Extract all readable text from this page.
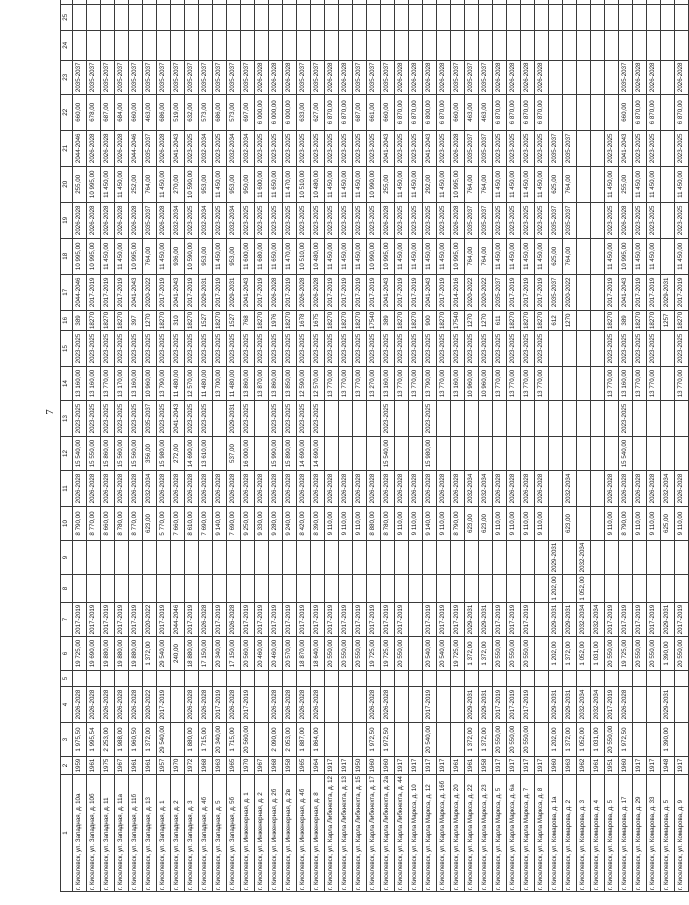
7
1	2	3	4	5	6	7	8	9	10	11	12	13	14	15	16	17	18	19	20	21	22	23	24	25	
г. Киселевск, ул. Западная, д. 10а	1959	1 975,50	2026-2028		19 725,00	2017-2019			8 790,00	2026-2028	15 540,00	2023-2025	13 160,00	2023-2025	389	2044-2046	10 995,00	2026-2028	255,00	2044-2046	660,00	2035-2037			
г. Киселевск, ул. Западная, д. 10б	1961	1 995,54	2026-2028		19 690,00	2017-2019			8 770,00	2026-2028	15 550,00	2023-2025	13 160,00	2023-2025	18270	2017-2019	10 995,00	2026-2028	10 995,00	2026-2028	678,00	2035-2037			
г. Киселевск, ул. Западная, д. 11	1975	2 253,00	2026-2028		19 880,00	2017-2019			8 660,00	2026-2028	15 860,00	2023-2025	13 770,00	2023-2025	18270	2017-2019	11 450,00	2026-2028	11 450,00	2026-2028	687,00	2035-2037			
г. Киселевск, ул. Западная, д. 11а	1967	1 988,00	2026-2028		19 880,00	2017-2019			8 780,00	2026-2028	15 560,00	2023-2025	13 170,00	2023-2025	18270	2017-2019	11 450,00	2026-2028	11 450,00	2026-2028	684,00	2035-2037			
г. Киселевск, ул. Западная, д. 11б	1961	1 960,50	2026-2028		19 880,00	2017-2019			8 770,00	2026-2028	15 560,00	2023-2025	13 160,00	2023-2025	397	2041-2043	10 995,00	2026-2028	252,00	2044-2046	660,00	2035-2037			
г. Киселевск, ул. Западная, д. 13	1961	1 372,00	2020-2022		1 372,00	2020-2022			623,00	2032-2034	356,00	2035-2037	10 960,00	2023-2025	1270	2020-2022	764,00	2035-2037	764,00	2035-2037	463,00	2035-2037			
г. Киселевск, ул. Западная, д. 1	1957	29 540,00	2017-2019		29 540,00	2017-2019			5 770,00	2026-2028	15 980,00	2023-2025	13 790,00	2023-2025	18270	2017-2019	11 450,00	2026-2028	11 450,00	2026-2028	686,00	2035-2037			
г. Киселевск, ул. Западная, д. 2	1970				240,00	2044-2046			7 660,00	2026-2028	272,00	2041-2043	11 480,00	2023-2025	310	2041-2043	936,00	2032-2034	270,00	2041-2043	519,00	2035-2037			
г. Киселевск, ул. Западная, д. 3	1972	1 880,00	2026-2028		18 880,00	2017-2019			8 610,00	2026-2028	14 690,00	2023-2025	12 570,00	2023-2025	18270	2017-2019	10 590,00	2023-2025	10 590,00	2023-2025	632,00	2035-2037			
г. Киселевск, ул. Западная, д. 4б	1968	1 715,00	2026-2028		17 150,00	2026-2028			7 690,00	2026-2028	13 610,00	2023-2025	11 480,00	2023-2025	1527	2029-2031	953,00	2032-2034	953,00	2032-2034	573,00	2035-2037			
г. Киселевск, ул. Западная, д. 5	1963	20 340,00	2017-2019		20 340,00	2017-2019			9 140,00	2026-2028			13 700,00	2023-2025	18270	2017-2019	11 450,00	2023-2025	11 450,00	2023-2025	686,00	2035-2037			
г. Киселевск, ул. Западная, д. 5б	1965	1 715,00	2026-2028		17 150,00	2026-2028			7 690,00	2026-2028	537,00	2029-2031	11 480,00	2023-2025	1527	2029-2031	953,00	2032-2034	953,00	2032-2034	573,00	2035-2037			
г. Киселевск, ул. Инженерная, д. 1	1970	20 560,00	2017-2019		20 560,00	2017-2019			9 250,00	2026-2028	16 000,00	2023-2025	13 860,00	2023-2025	768	2041-2043	11 600,00	2023-2025	950,00	2032-2034	697,00	2035-2037			
г. Киселевск, ул. Инженерная, д. 2	1967				20 460,00	2017-2019			9 330,00	2026-2028			13 870,00	2023-2025	18270	2017-2019	11 680,00	2023-2025	11 600,00	2023-2025	6 000,00	2026-2028			
г. Киселевск, ул. Инженерная, д. 2б	1968	2 090,00	2026-2028		20 460,00	2017-2019			9 280,00	2026-2028	15 990,00	2023-2025	13 860,00	2023-2025	1976	2026-2028	11 650,00	2023-2025	11 650,00	2023-2025	6 000,00	2026-2028			
г. Киселевск, ул. Инженерная, д. 2в	1958	2 053,00	2026-2028		20 570,00	2017-2019			9 240,00	2026-2028	15 890,00	2023-2025	13 850,00	2023-2025	18270	2017-2019	11 470,00	2023-2025	11 470,00	2023-2025	6 000,00	2026-2028			
г. Киселевск, ул. Инженерная, д. 4б	1965	1 887,00	2026-2028		18 870,00	2017-2019			8 420,00	2026-2028	14 690,00	2023-2025	12 590,00	2023-2025	1678	2026-2028	10 510,00	2023-2025	10 510,00	2023-2025	633,00	2035-2037			
г. Киселевск, ул. Инженерная, д. 8	1964	1 864,00	2026-2028		18 640,00	2017-2019			8 390,00	2026-2028	14 690,00	2023-2025	12 570,00	2023-2025	1675	2026-2028	10 480,00	2023-2025	10 480,00	2023-2025	627,00	2035-2037			
г. Киселевск, ул. Карла Либкнехта, д. 12	1917				20 550,00	2017-2019			9 110,00	2026-2028			13 770,00	2023-2025	18270	2017-2019	11 450,00	2023-2025	11 450,00	2023-2025	6 870,00	2026-2028			
г. Киселевск, ул. Карла Либкнехта, д. 13	1917				20 550,00	2017-2019			9 110,00	2026-2028			13 770,00	2023-2025	18270	2017-2019	11 450,00	2023-2025	11 450,00	2023-2025	6 870,00	2026-2028			
г. Киселевск, ул. Карла Либкнехта, д. 15	1950				20 550,00	2017-2019			9 110,00	2026-2028			13 770,00	2023-2025	18270	2017-2019	11 450,00	2023-2025	11 450,00	2023-2025	687,00	2035-2037			
г. Киселевск, ул. Карла Либкнехта, д. 17	1960	1 972,50	2026-2028		19 725,00	2017-2019			8 880,00	2026-2028			13 270,00	2023-2025	17540	2017-2019	10 990,00	2023-2025	10 990,00	2023-2025	661,00	2035-2037			
г. Киселевск, ул. Карла Либкнехта, д. 2а	1960	1 972,50	2026-2028		19 725,00	2017-2019			8 780,00	2026-2028	15 540,00	2023-2025	13 160,00	2023-2025	389	2041-2043	10 995,00	2026-2028	255,00	2041-2043	660,00	2035-2037			
г. Киселевск, ул. Карла Либкнехта, д. 44	1917				20 550,00	2017-2019			9 110,00	2026-2028			13 770,00	2023-2025	18270	2017-2019	11 450,00	2023-2025	11 450,00	2023-2025	6 870,00	2026-2028			
г. Киселевск, ул. Карла Маркса, д. 10	1917								9 110,00	2026-2028			13 770,00	2023-2025	18270	2017-2019	11 450,00	2023-2025	11 450,00	2023-2025	6 870,00	2026-2028			
г. Киселевск, ул. Карла Маркса, д. 12	1917	20 540,00	2017-2019		20 540,00	2017-2019			9 140,00	2026-2028	15 980,00	2023-2025	13 790,00	2023-2025	900	2041-2043	11 450,00	2023-2025	292,00	2041-2043	6 800,00	2026-2028			
г. Киселевск, ул. Карла Маркса, д. 16б	1917				20 540,00	2017-2019			9 110,00	2026-2028			13 770,00	2023-2025	18270	2017-2019	11 450,00	2023-2025	11 450,00	2023-2025	6 870,00	2026-2028			
г. Киселевск, ул. Карла Маркса, д. 20	1961				19 725,00	2017-2019			8 790,00	2026-2028			13 160,00	2023-2025	17540	2014-2016	10 995,00	2026-2028	10 995,00	2026-2028	660,00	2035-2037			
г. Киселевск, ул. Карла Маркса, д. 22	1961	1 372,00	2029-2031		1 372,00	2029-2031			623,00	2032-2034			10 960,00	2023-2025	1270	2020-2022	764,00	2035-2037	764,00	2035-2037	463,00	2035-2037			
г. Киселевск, ул. Карла Маркса, д. 23	1958	1 372,00	2029-2031		1 372,00	2029-2031			623,00	2032-2034			10 960,00	2023-2025	1270	2020-2022	764,00	2035-2037	764,00	2035-2037	463,00	2035-2037			
г. Киселевск, ул. Карла Маркса, д. 5	1917	20 550,00	2017-2019		20 550,00	2017-2019			9 110,00	2026-2028			13 770,00	2023-2025	611	2035-2037	11 450,00	2023-2025	11 450,00	2023-2025	6 870,00	2026-2028			
г. Киселевск, ул. Карла Маркса, д. 6а	1917	20 550,00	2017-2019		20 550,00	2017-2019			9 110,00	2026-2028			13 770,00	2023-2025	18270	2017-2019	11 450,00	2023-2025	11 450,00	2023-2025	6 870,00	2026-2028			
г. Киселевск, ул. Карла Маркса, д. 7	1917	20 550,00	2017-2019		20 550,00	2017-2019			9 110,00	2026-2028			13 770,00	2023-2025	18270	2017-2019	11 450,00	2023-2025	11 450,00	2023-2025	6 870,00	2026-2028			
г. Киселевск, ул. Карла Маркса, д. 8	1917								9 110,00	2026-2028			13 770,00	2023-2025	18270	2017-2019	11 450,00	2023-2025	11 450,00	2023-2025	6 870,00	2026-2028			
г. Киселевск, ул. Комарова, д. 1а	1960	1 202,00	2029-2031		1 202,00	2029-2031	1 202,00	2029-2031							612	2035-2037	625,00	2035-2037	625,00	2035-2037					
г. Киселевск, ул. Комарова, д. 2	1963	1 372,00	2029-2031		1 372,00	2029-2031			623,00	2032-2034					1270	2020-2022	764,00	2035-2037	764,00	2035-2037					
г. Киселевск, ул. Комарова, д. 3	1962	1 052,00	2032-2034		1 052,00	2032-2034	1 052,00	2032-2034																	
г. Киселевск, ул. Комарова, д. 4	1961	1 031,00	2032-2034		1 031,00	2032-2034																			
г. Киселевск, ул. Комарова, д. 5	1951	20 550,00	2017-2019		20 550,00	2017-2019			9 110,00	2026-2028			13 770,00	2023-2025	18270	2017-2019	11 450,00	2023-2025	11 450,00	2023-2025					
г. Киселевск, ул. Комарова, д. 17	1960	1 972,50	2026-2028		19 725,00	2017-2019			8 790,00	2026-2028	15 540,00	2023-2025	13 160,00	2023-2025	389	2041-2043	10 995,00	2026-2028	255,00	2041-2043	660,00	2035-2037			
г. Киселевск, ул. Комарова, д. 29	1917				20 550,00	2017-2019			9 110,00	2026-2028			13 770,00	2023-2025	18270	2017-2019	11 450,00	2023-2025	11 450,00	2023-2025	6 870,00	2026-2028			
г. Киселевск, ул. Комарова, д. 33	1917				20 550,00	2017-2019			9 110,00	2026-2028			13 770,00	2023-2025	18270	2017-2019	11 450,00	2023-2025	11 450,00	2023-2025	6 870,00	2026-2028			
г. Киселевск, ул. Комарова, д. 5	1948	1 390,00	2029-2031		1 390,00	2029-2031			625,00	2032-2034					1257	2029-2031									
г. Киселевск, ул. Комарова, д. 9	1917				20 550,00	2017-2019			9 110,00	2026-2028			13 770,00	2023-2025	18270	2017-2019	11 450,00	2023-2025	11 450,00	2023-2025	6 870,00	2026-2028			
